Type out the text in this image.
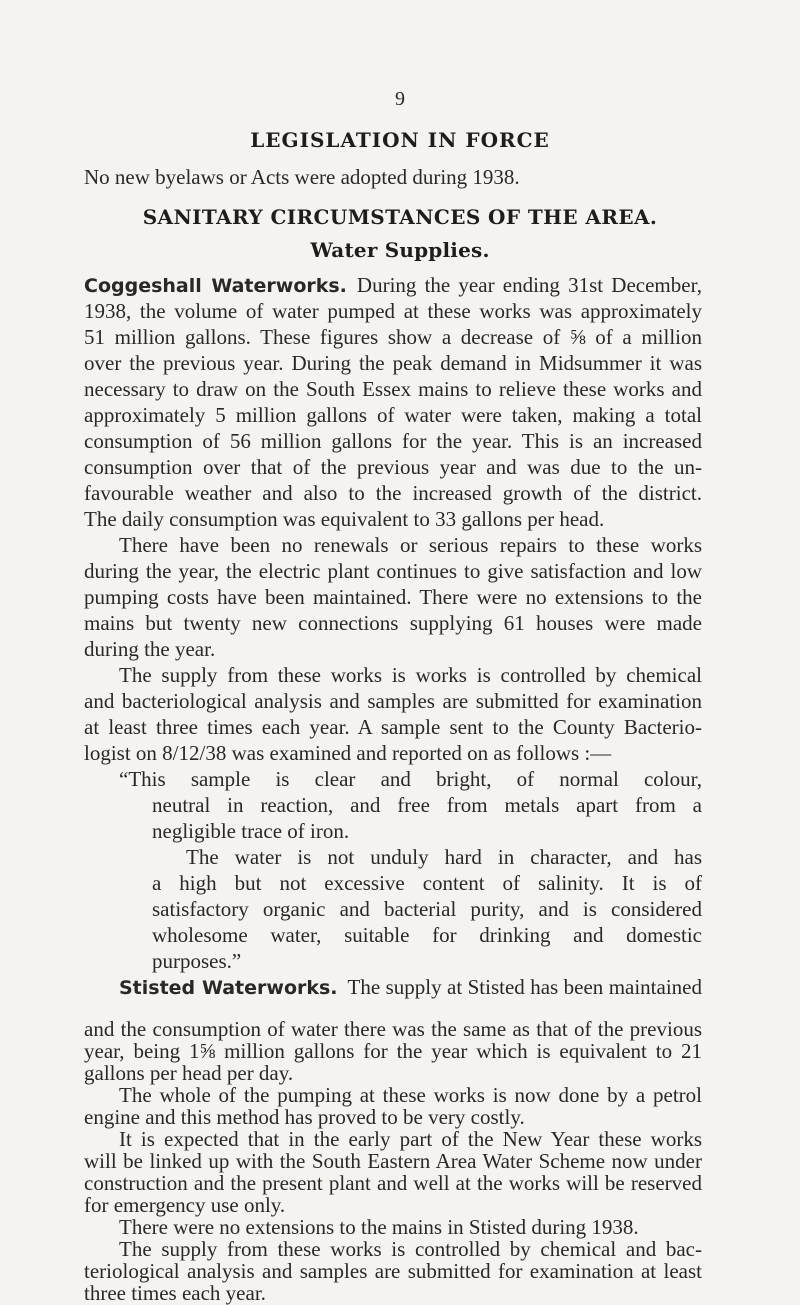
9
LEGISLATION IN FORCE
No new byelaws or Acts were adopted during 1938.
SANITARY CIRCUMSTANCES OF THE AREA.
Water Supplies.
Coggeshall Waterworks. During the year ending 31st December,
1938, the volume of water pumped at these works was approximately
51 million gallons. These figures show a decrease of ⅝ of a million
over the previous year. During the peak demand in Midsummer it was
necessary to draw on the South Essex mains to relieve these works and
approximately 5 million gallons of water were taken, making a total
consumption of 56 million gallons for the year. This is an increased
consumption over that of the previous year and was due to the un-
favourable weather and also to the increased growth of the district.
The daily consumption was equivalent to 33 gallons per head.
There have been no renewals or serious repairs to these works
during the year, the electric plant continues to give satisfaction and low
pumping costs have been maintained. There were no extensions to the
mains but twenty new connections supplying 61 houses were made
during the year.
The supply from these works is works is controlled by chemical
and bacteriological analysis and samples are submitted for examination
at least three times each year. A sample sent to the County Bacterio-
logist on 8/12/38 was examined and reported on as follows :—
“This sample is clear and bright, of normal colour,
neutral in reaction, and free from metals apart from a
negligible trace of iron.
The water is not unduly hard in character, and has
a high but not excessive content of salinity. It is of
satisfactory organic and bacterial purity, and is considered
wholesome water, suitable for drinking and domestic
purposes.”
Stisted Waterworks. The supply at Stisted has been maintained
and the consumption of water there was the same as that of the previous
year, being 1⅝ million gallons for the year which is equivalent to 21
gallons per head per day.
The whole of the pumping at these works is now done by a petrol
engine and this method has proved to be very costly.
It is expected that in the early part of the New Year these works
will be linked up with the South Eastern Area Water Scheme now under
construction and the present plant and well at the works will be reserved
for emergency use only.
There were no extensions to the mains in Stisted during 1938.
The supply from these works is controlled by chemical and bac-
teriological analysis and samples are submitted for examination at least
three times each year.
